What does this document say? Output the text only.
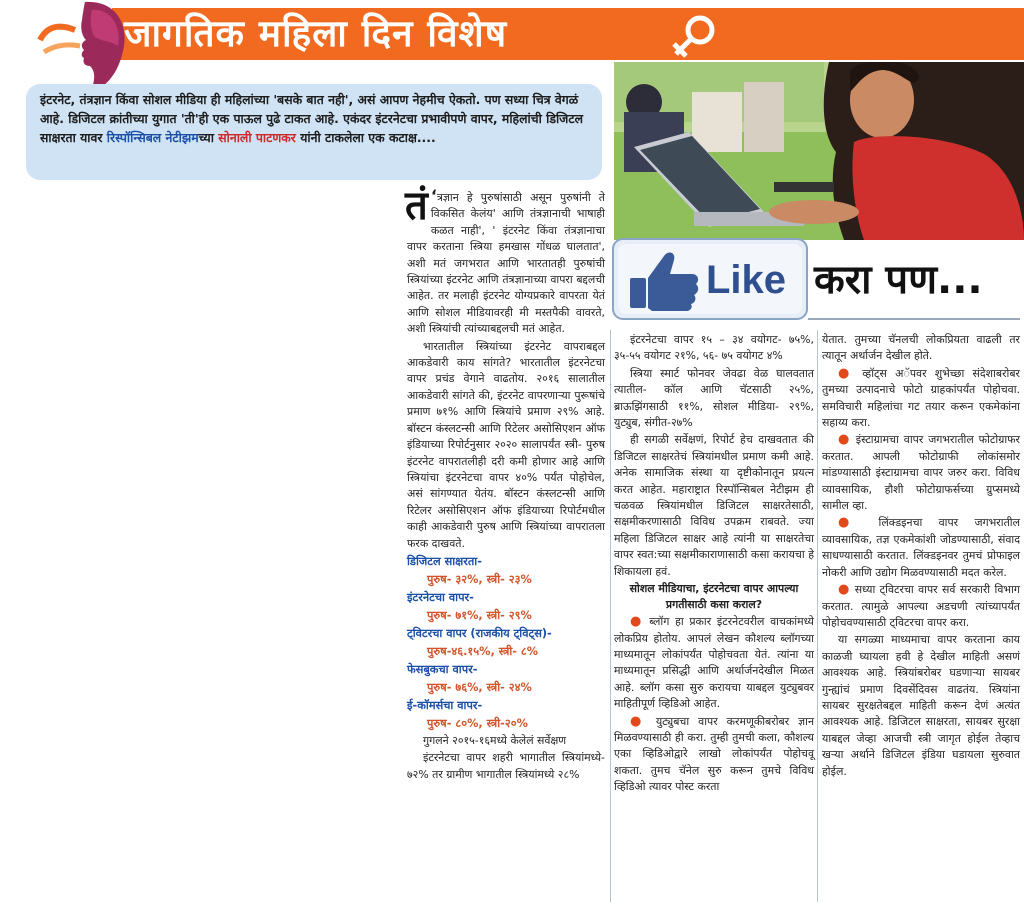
जागतिक महिला दिन विशेष
इंटरनेट, तंत्रज्ञान किंवा सोशल मीडिया ही महिलांच्या 'बसके बात नही', असं आपण नेहमीच ऐकतो. पण सध्या चित्र वेगळं आहे. डिजिटल क्रांतीच्या युगात 'ती'ही एक पाऊल पुढे टाकत आहे. एकंदर इंटरनेटचा प्रभावीपणे वापर, महिलांची डिजिटल साक्षरता यावर रिस्पॉन्सिबल नेटीझमच्या सोनाली पाटणकर यांनी टाकलेला एक कटाक्ष....
Like करा पण...

‘
तं त्रज्ञान हे पुरुषांसाठी असून पुरुषांनी ते विकसित केलंय' आणि तंत्रज्ञानाची भाषाही कळत नाही', ' इंटरनेट किंवा तंत्रज्ञानाचा वापर करताना स्त्रिया हमखास गोंधळ घालतात', अशी मतं जगभरात आणि भारतातही पुरुषांची स्त्रियांच्या इंटरनेट आणि तंत्रज्ञानाच्या वापरा बद्दलची आहेत. तर मलाही इंटरनेट योग्यप्रकारे वापरता येतं आणि सोशल मीडियावरही मी मस्तपैकी वावरते, अशी स्त्रियांची त्यांच्याबद्दलची मतं आहेत.

भारतातील स्त्रियांच्या इंटरनेट वापराबद्दल आकडेवारी काय सांगते? भारतातील इंटरनेटचा वापर प्रचंड वेगाने वाढतोय. २०१६ सालातील आकडेवारी सांगते की, इंटरनेट वापरणाऱ्या पुरूषांचे प्रमाण ७१% आणि स्त्रियांचे प्रमाण २९% आहे. बॉस्टन कंस्लटन्सी आणि रिटेलर असोसिएशन ऑफ इंडियाच्या रिपोर्टनुसार २०२० सालापर्यंत स्त्री- पुरुष इंटरनेट वापरातलीही दरी कमी होणार आहे आणि स्त्रियांचा इंटरनेटचा वापर ४०% पर्यंत पोहोचेल, असं सांगण्यात येतंय. बॉस्टन कंस्लटन्सी आणि रिटेलर असोसिएशन ऑफ इंडियाच्या रिपोर्टमधील काही आकडेवारी पुरुष आणि स्त्रियांच्या वापरातला फरक दाखवते.

डिजिटल साक्षरता-

पुरुष- ३२%, स्त्री- २३%

इंटरनेटचा वापर-

पुरुष- ७१%, स्त्री- २९%

ट्विटरचा वापर (राजकीय ट्विट्स)-

पुरुष-४६.१५%, स्त्री- ८%

फेसबुकचा वापर-

पुरुष- ७६%, स्त्री- २४%

ई-कॉमर्सचा वापर-

पुरुष- ८०%, स्त्री-२०%

गुगलने २०१५-१६मध्ये केलेलं सर्वेक्षण

इंटरनेटचा वापर शहरी भागातील स्त्रियांमध्ये- ७२% तर ग्रामीण भागातील स्त्रियांमध्ये २८%

इंटरनेटचा वापर १५ – ३४ वयोगट- ७५%, ३५-५५ वयोगट २१%, ५६- ७५ वयोगट ४%

स्त्रिया स्मार्ट फोनवर जेवढा वेळ घालवतात त्यातील- कॉल आणि चॅटसाठी २५%, ब्राऊझिंगसाठी ११%, सोशल मीडिया- २९%, युट्युब, संगीत-२७%

ही सगळी सर्वेक्षणं, रिपोर्ट हेच दाखवतात की डिजिटल साक्षरतेचं स्त्रियांमधील प्रमाण कमी आहे. अनेक सामाजिक संस्था या दृष्टीकोनातून प्रयत्न करत आहेत. महाराष्ट्रात रिस्पॉन्सिबल नेटीझम ही चळवळ स्त्रियांमधील डिजिटल साक्षरतेसाठी, सक्षमीकरणासाठी विविध उपक्रम राबवते. ज्या महिला डिजिटल साक्षर आहे त्यांनी या साक्षरतेचा वापर स्वत:च्या सक्षमीकाराणासाठी कसा करायचा हे शिकायला हवं.

सोशल मीडियाचा, इंटरनेटचा वापर आपल्या प्रगतीसाठी कसा कराल?

● ब्लॉग हा प्रकार इंटरनेटवरील वाचकांमध्ये लोकप्रिय होतोय. आपलं लेखन कौशल्य ब्लॉगच्या माध्यमातून लोकांपर्यंत पोहोचवता येतं. त्यांना या माध्यमातून प्रसिद्धी आणि अर्थार्जनदेखील मिळत आहे. ब्लॉग कसा सुरु करायचा याबद्दल युट्युबवर माहितीपूर्ण व्हिडिओ आहेत.

● युट्युबचा वापर करमणूकीबरोबर ज्ञान मिळवण्यासाठी ही करा. तुम्ही तुमची कला, कौशल्य एका व्हिडिओद्वारे लाखो लोकांपर्यंत पोहोचवू शकता. तुमच चॅनेल सुरु करून तुमचे विविध व्हिडिओ त्यावर पोस्ट करता

येतात. तुमच्या चॅनलची लोकप्रियता वाढली तर त्यातून अर्थार्जन देखील होते.

● व्हॉट्स अॅपवर शुभेच्छा संदेशाबरोबर तुमच्या उत्पादनाचे फोटो ग्राहकांपर्यंत पोहोचवा. समविचारी महिलांचा गट तयार करून एकमेकांना सहाय्य करा.

● इंस्टाग्रामचा वापर जगभरातील फोटोग्राफर करतात. आपली फोटोग्राफी लोकांसमोर मांडण्यासाठी इंस्टाग्रामचा वापर जरुर करा. विविध व्यावसायिक, हौशी फोटोग्राफर्सच्या ग्रुप्समध्ये सामील व्हा.

● लिंक्डइनचा वापर जगभरातील व्यावसायिक, तज्ञ एकमेकांशी जोडण्यासाठी, संवाद साधण्यासाठी करतात. लिंक्डइनवर तुमचं प्रोफाइल नोकरी आणि उद्योग मिळवण्यासाठी मदत करेल.

● सध्या ट्विटरचा वापर सर्व सरकारी विभाग करतात. त्यामुळे आपल्या अडचणी त्यांच्यापर्यंत पोहोचवण्यासाठी ट्विटरचा वापर करा.

या सगळ्या माध्यमाचा वापर करताना काय काळजी घ्यायला हवी हे देखील माहिती असणं आवश्यक आहे. स्त्रियांबरोबर घडणाऱ्या सायबर गुन्ह्यांचं प्रमाण दिवसेंदिवस वाढतंय. स्त्रियांना सायबर सुरक्षतेबद्दल माहिती करून देणं अत्यंत आवश्यक आहे. डिजिटल साक्षरता, सायबर सुरक्षा याबद्दल जेव्हा आजची स्त्री जागृत होईल तेव्हाच खऱ्या अर्थाने डिजिटल इंडिया घडायला सुरुवात होईल.
